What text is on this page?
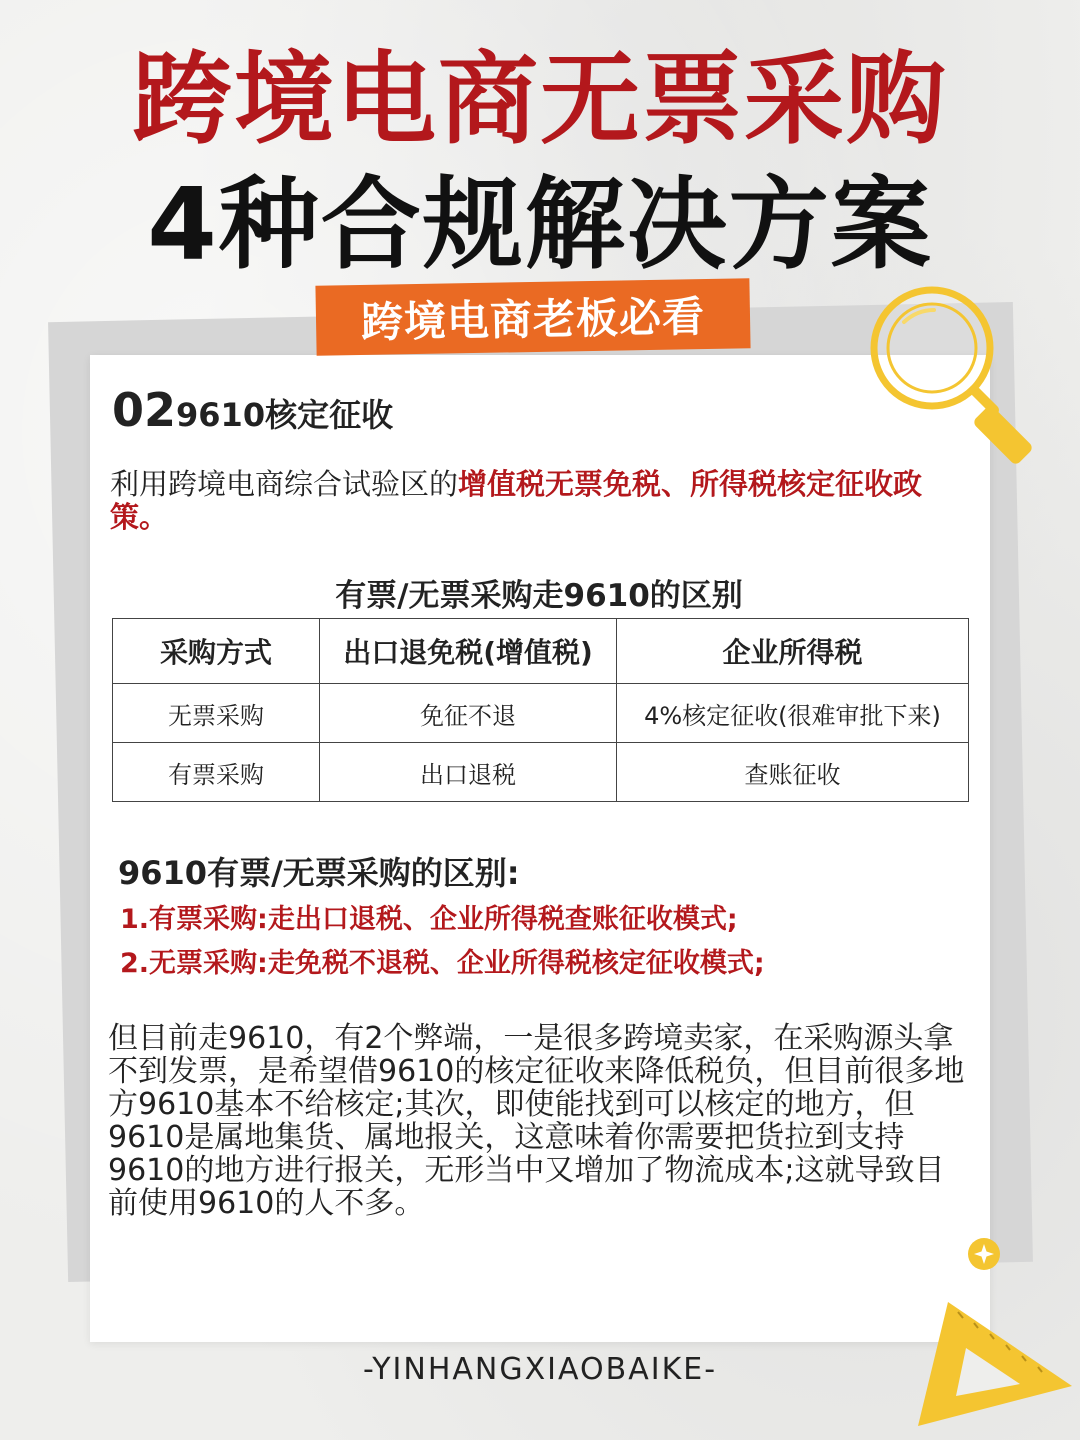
跨境电商无票采购
4种合规解决方案
跨境电商老板必看
029610核定征收
利用跨境电商综合试验区的增值税无票免税、所得税核定征收政策。
有票/无票采购走9610的区别
采购方式	出口退免税(增值税)	企业所得税
无票采购	免征不退	4%核定征收(很难审批下来)
有票采购	出口退税	查账征收
9610有票/无票采购的区别:
1.有票采购:走出口退税、企业所得税查账征收模式;
2.无票采购:走免税不退税、企业所得税核定征收模式;
但目前走9610，有2个弊端，一是很多跨境卖家，在采购源头拿不到发票，是希望借9610的核定征收来降低税负，但目前很多地方9610基本不给核定;其次，即使能找到可以核定的地方，但9610是属地集货、属地报关，这意味着你需要把货拉到支持9610的地方进行报关，无形当中又增加了物流成本;这就导致目前使用9610的人不多。
-YINHANGXIAOBAIKE-
